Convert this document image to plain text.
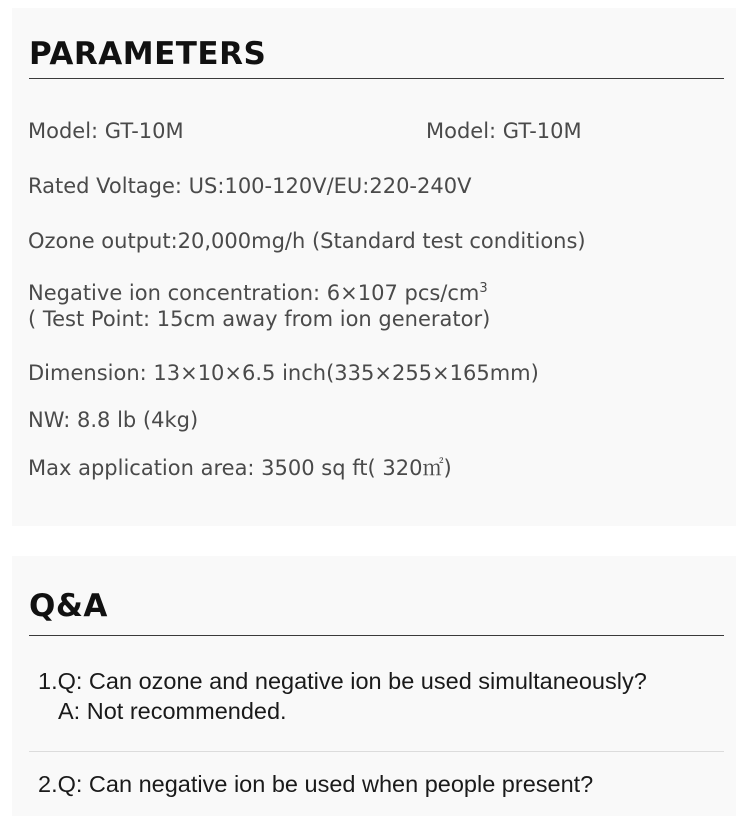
PARAMETERS
Model: GT-10M	Model: GT-10M
Rated Voltage: US:100-120V/EU:220-240V
Ozone output:20,000mg/h (Standard test conditions)
Negative ion concentration: 6×107 pcs/$cm^3$
( Test Point: 15cm away from ion generator)
Dimension: 13×10×6.5 inch(335×255×165mm)
NW: 8.8 lb (4kg)
Max application area: 3500 sq ft( 320㎡)
Q&A
1.Q: Can ozone and negative ion be used simultaneously?
A: Not recommended.
2.Q: Can negative ion be used when people present?
